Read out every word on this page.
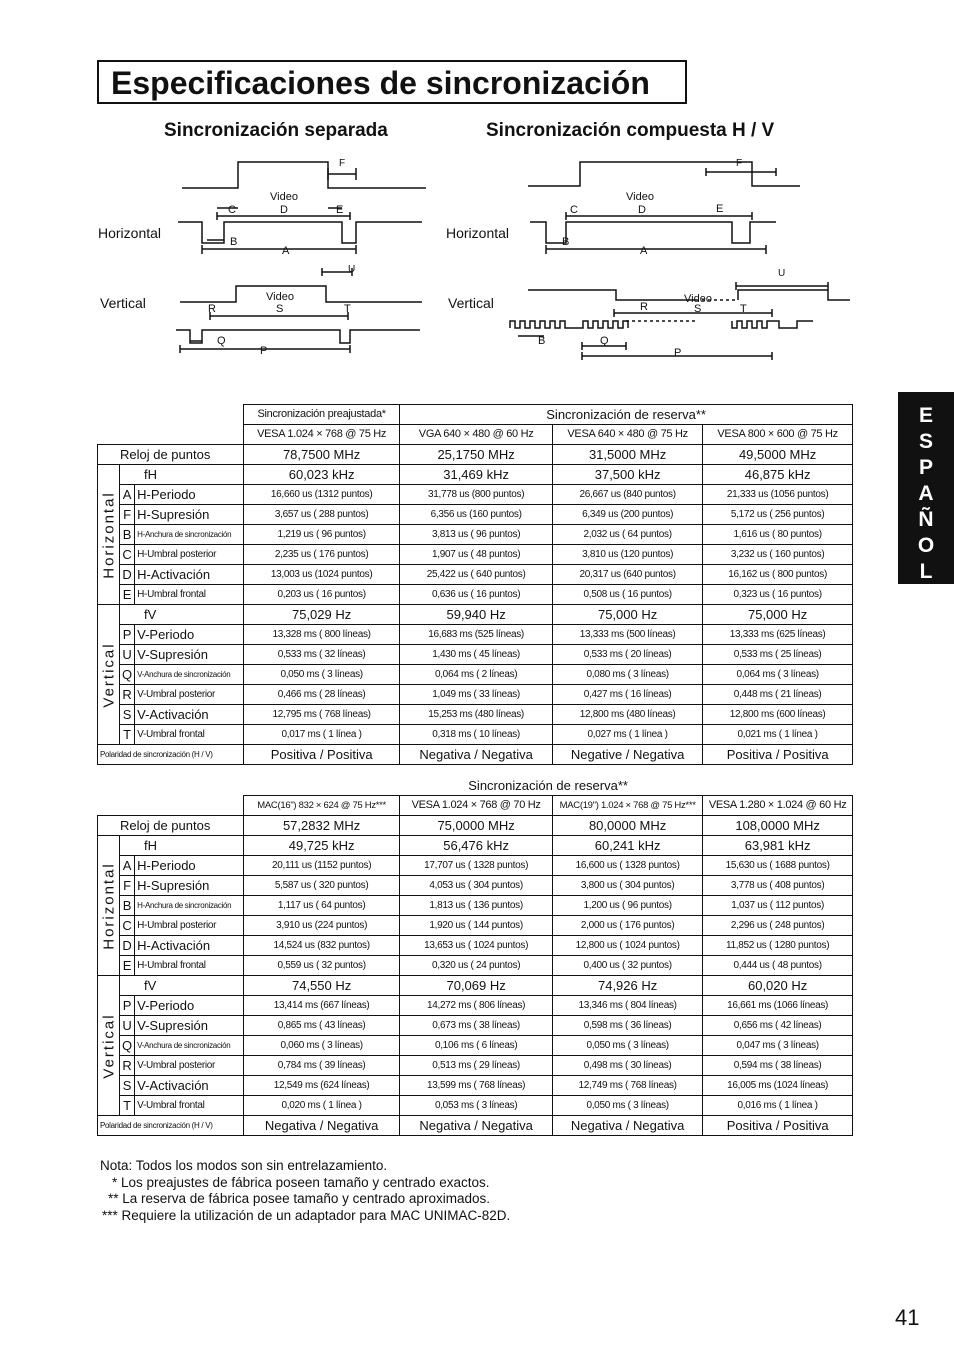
Especificaciones de sincronización
Sincronización separada	Sincronización compuesta H / V
E
S
P
A
Ñ
O
L
F
Video
C	D	E
B
A
Horizontal
U
Video
R	S	T
Vertical
Q
P
F
Video
C	D	E
B
A
Horizontal
U
Video
R	S	T
Vertical
B	Q
P
			Sincronización preajustada*	Sincronización de reserva**		
			VESA 1.024 × 768 @ 75 Hz	VGA 640 × 480 @ 60 Hz	VESA 640 × 480 @ 75 Hz	VESA 800 × 600 @ 75 Hz
Reloj de puntos			78,7500 MHz	25,1750 MHz	31,5000 MHz	49,5000 MHz

Horizontal	fH		60,023 kHz	31,469 kHz	37,500 kHz	46,875 kHz
	A	H-Periodo	16,660 us (1312 puntos)	31,778 us (800 puntos)	26,667 us (840 puntos)	21,333 us (1056 puntos)
	F	H-Supresión	3,657 us ( 288 puntos)	6,356 us (160 puntos)	6,349 us (200 puntos)	5,172 us ( 256 puntos)
	B	H-Anchura de sincronización	1,219 us ( 96 puntos)	3,813 us ( 96 puntos)	2,032 us ( 64 puntos)	1,616 us ( 80 puntos)
	C	H-Umbral posterior	2,235 us ( 176 puntos)	1,907 us ( 48 puntos)	3,810 us (120 puntos)	3,232 us ( 160 puntos)
	D	H-Activación	13,003 us (1024 puntos)	25,422 us ( 640 puntos)	20,317 us (640 puntos)	16,162 us ( 800 puntos)
	E	H-Umbral frontal	0,203 us ( 16 puntos)	0,636 us ( 16 puntos)	0,508 us ( 16 puntos)	0,323 us ( 16 puntos)

Vertical	fV		75,029 Hz	59,940 Hz	75,000 Hz	75,000 Hz
	P	V-Periodo	13,328 ms ( 800 líneas)	16,683 ms (525 líneas)	13,333 ms (500 líneas)	13,333 ms (625 líneas)
	U	V-Supresión	0,533 ms ( 32 líneas)	1,430 ms ( 45 líneas)	0,533 ms ( 20 líneas)	0,533 ms ( 25 líneas)
	Q	V-Anchura de sincronización	0,050 ms ( 3 líneas)	0,064 ms ( 2 líneas)	0,080 ms ( 3 líneas)	0,064 ms ( 3 líneas)
	R	V-Umbral posterior	0,466 ms ( 28 líneas)	1,049 ms ( 33 líneas)	0,427 ms ( 16 líneas)	0,448 ms ( 21 líneas)
	S	V-Activación	12,795 ms ( 768 líneas)	15,253 ms (480 líneas)	12,800 ms (480 líneas)	12,800 ms (600 líneas)
	T	V-Umbral frontal	0,017 ms ( 1 línea )	0,318 ms ( 10 líneas)	0,027 ms ( 1 línea )	0,021 ms ( 1 línea )
Polaridad de sincronización (H / V)			Positiva / Positiva	Negativa / Negativa	Negative / Negativa	Positiva / Positiva
			Sincronización de reserva**			
			MAC(16") 832 × 624 @ 75 Hz***	VESA 1.024 × 768 @ 70 Hz	MAC(19") 1.024 × 768 @ 75 Hz***	VESA 1.280 × 1.024 @ 60 Hz
Reloj de puntos			57,2832 MHz	75,0000 MHz	80,0000 MHz	108,0000 MHz

Horizontal	fH		49,725 kHz	56,476 kHz	60,241 kHz	63,981 kHz
	A	H-Periodo	20,111 us (1152 puntos)	17,707 us ( 1328 puntos)	16,600 us ( 1328 puntos)	15,630 us ( 1688 puntos)
	F	H-Supresión	5,587 us ( 320 puntos)	4,053 us ( 304 puntos)	3,800 us ( 304 puntos)	3,778 us ( 408 puntos)
	B	H-Anchura de sincronización	1,117 us ( 64 puntos)	1,813 us ( 136 puntos)	1,200 us ( 96 puntos)	1,037 us ( 112 puntos)
	C	H-Umbral posterior	3,910 us (224 puntos)	1,920 us ( 144 puntos)	2,000 us ( 176 puntos)	2,296 us ( 248 puntos)
	D	H-Activación	14,524 us (832 puntos)	13,653 us ( 1024 puntos)	12,800 us ( 1024 puntos)	11,852 us ( 1280 puntos)
	E	H-Umbral frontal	0,559 us ( 32 puntos)	0,320 us ( 24 puntos)	0,400 us ( 32 puntos)	0,444 us ( 48 puntos)

Vertical	fV		74,550 Hz	70,069 Hz	74,926 Hz	60,020 Hz
	P	V-Periodo	13,414 ms (667 líneas)	14,272 ms ( 806 líneas)	13,346 ms ( 804 líneas)	16,661 ms (1066 líneas)
	U	V-Supresión	0,865 ms ( 43 líneas)	0,673 ms ( 38 líneas)	0,598 ms ( 36 líneas)	0,656 ms ( 42 líneas)
	Q	V-Anchura de sincronización	0,060 ms ( 3 líneas)	0,106 ms ( 6 líneas)	0,050 ms ( 3 líneas)	0,047 ms ( 3 líneas)
	R	V-Umbral posterior	0,784 ms ( 39 líneas)	0,513 ms ( 29 líneas)	0,498 ms ( 30 líneas)	0,594 ms ( 38 líneas)
	S	V-Activación	12,549 ms (624 líneas)	13,599 ms ( 768 líneas)	12,749 ms ( 768 líneas)	16,005 ms (1024 líneas)
	T	V-Umbral frontal	0,020 ms ( 1 línea )	0,053 ms ( 3 líneas)	0,050 ms ( 3 líneas)	0,016 ms ( 1 línea )
Polaridad de sincronización (H / V)			Negativa / Negativa	Negativa / Negativa	Negativa / Negativa	Positiva / Positiva
Nota: Todos los modos son sin entrelazamiento.
* Los preajustes de fábrica poseen tamaño y centrado exactos.
** La reserva de fábrica posee tamaño y centrado aproximados.
*** Requiere la utilización de un adaptador para MAC UNIMAC-82D.
41
